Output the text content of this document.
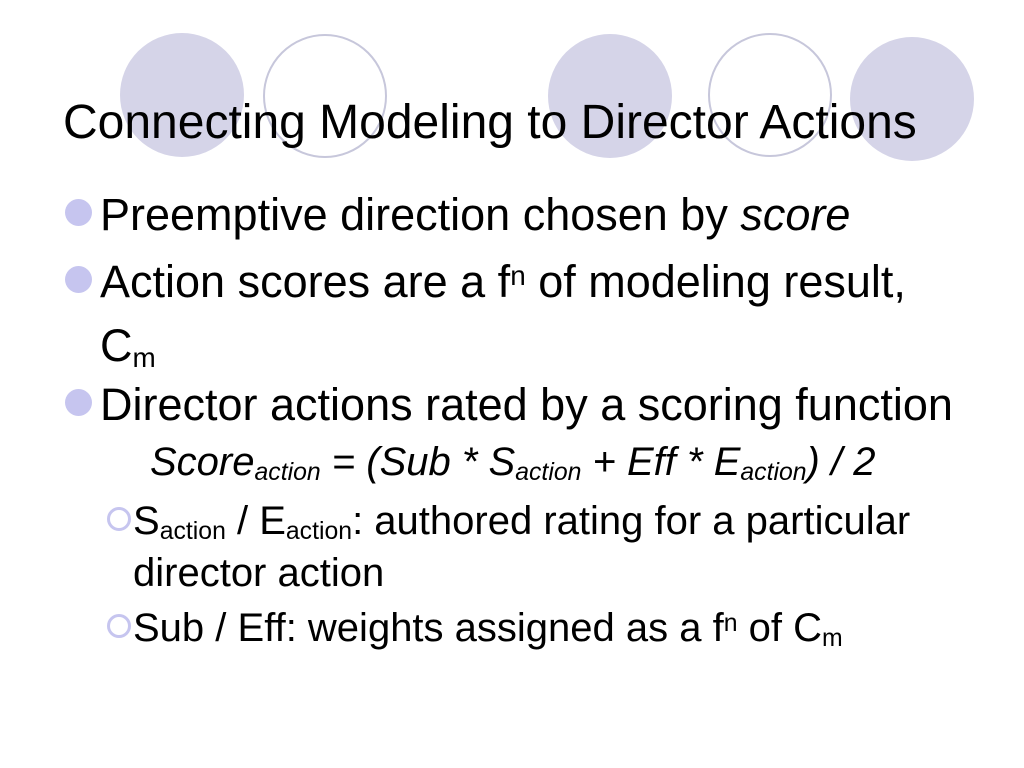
Connecting Modeling to Director Actions
Preemptive direction chosen by score
Action scores are a $f^n$ of modeling result,
Cm
Director actions rated by a scoring function
Scoreaction = (Sub * Saction + Eff * Eaction) / 2
Saction / Eaction: authored rating for a particular
director action
Sub / Eff: weights assigned as a $f^n$ of Cm
